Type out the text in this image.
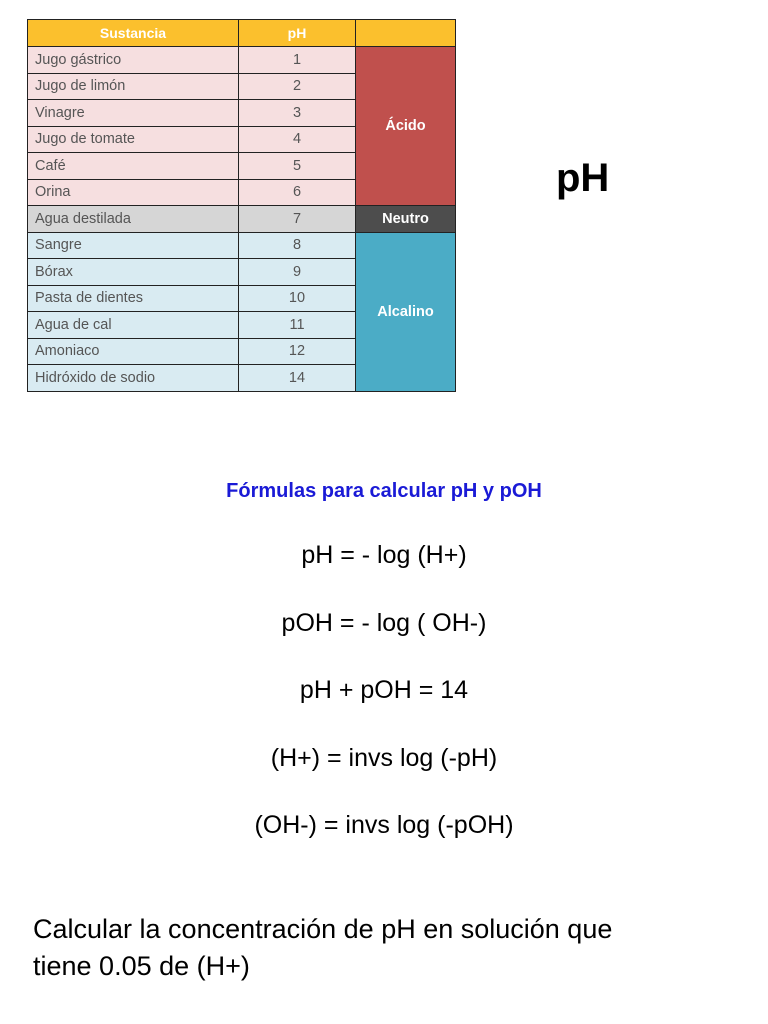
Sustancia	pH	
Jugo gástrico	1	Ácido
Jugo de limón	2	
Vinagre	3	
Jugo de tomate	4	
Café	5	
Orina	6	
Agua destilada	7	Neutro
Sangre	8	Alcalino
Bórax	9	
Pasta de dientes	10	
Agua de cal	11	
Amoniaco	12	
Hidróxido de sodio	14	
pH
Fórmulas para calcular pH y pOH
pH = - log (H+)
pOH = - log ( OH-)
pH + pOH = 14
(H+) = invs log (-pH)
(OH-) = invs log (-pOH)
Calcular la concentración de pH en solución que
tiene 0.05 de (H+)
